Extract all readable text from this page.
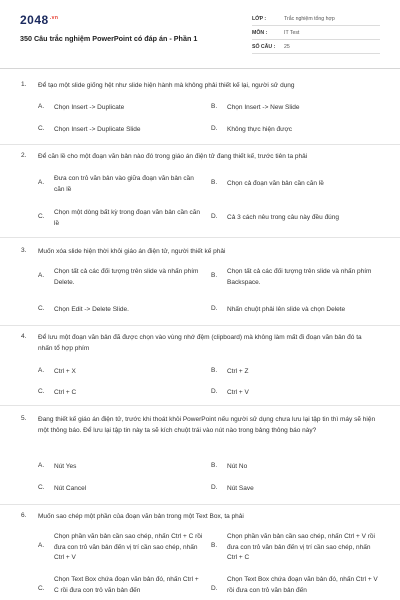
$2048^{.vn}$
350 Câu trắc nghiệm PowerPoint có đáp án - Phần 1
LỚP :	Trắc nghiệm tổng hợp
MÔN :	IT Test
SỐ CÂU : 25
1. Để tạo một slide giống hệt như slide hiện hành mà không phải thiết kế lại, người sử dụng
A. Chọn Insert -> Duplicate	B. Chọn Insert -> New Slide
C. Chọn Insert -> Duplicate Slide	D. Không thực hiện được
2. Để căn lề cho một đoạn văn bản nào đó trong giáo án điện tử đang thiết kế, trước tiên ta phải
A.
Đưa con trỏ văn bản vào giữa đoạn văn bản cần căn lề
B. Chọn cả đoạn văn bản cần căn lề
C.
Chọn một dòng bất kỳ trong đoạn văn bản cần căn lề
D. Cả 3 cách nêu trong câu này đều đúng
3. Muốn xóa slide hiện thời khỏi giáo án điện tử, người thiết kế phải
A.
Chọn tất cả các đối tượng trên slide và nhấn phím Delete.
B.
Chọn tất cả các đối tượng trên slide và nhấn phím Backspace.
C. Chọn Edit -> Delete Slide.	D. Nhấn chuột phải lên slide và chọn Delete
4. Để lưu một đoạn văn bản đã được chọn vào vùng nhớ đệm (clipboard) mà không làm mất đi đoạn văn bản đó ta nhấn tổ hợp phím
A. Ctrl + X	B. Ctrl + Z
C. Ctrl + C	D. Ctrl + V
5. Đang thiết kế giáo án điện tử, trước khi thoát khỏi PowerPoint nếu người sử dụng chưa lưu lại tập tin thì máy sẽ hiện một thông báo. Để lưu lại tập tin này ta sẽ kích chuột trái vào nút nào trong bảng thông báo này?
A. Nút Yes	B. Nút No
C. Nút Cancel	D. Nút Save
6. Muốn sao chép một phần của đoạn văn bản trong một Text Box, ta phải
A.
Chọn phần văn bản cần sao chép, nhấn Ctrl + C rồi đưa con trỏ văn bản đến vị trí cần sao chép, nhấn Ctrl + V
B.
Chọn phần văn bản cần sao chép, nhấn Ctrl + V rồi đưa con trỏ văn bản đến vị trí cần sao chép, nhấn Ctrl + C
C.
Chọn Text Box chứa đoạn văn bản đó, nhấn Ctrl + C rồi đưa con trỏ văn bản đến	D.
Chọn Text Box chứa đoạn văn bản đó, nhấn Ctrl + V rồi đưa con trỏ văn bản đến
